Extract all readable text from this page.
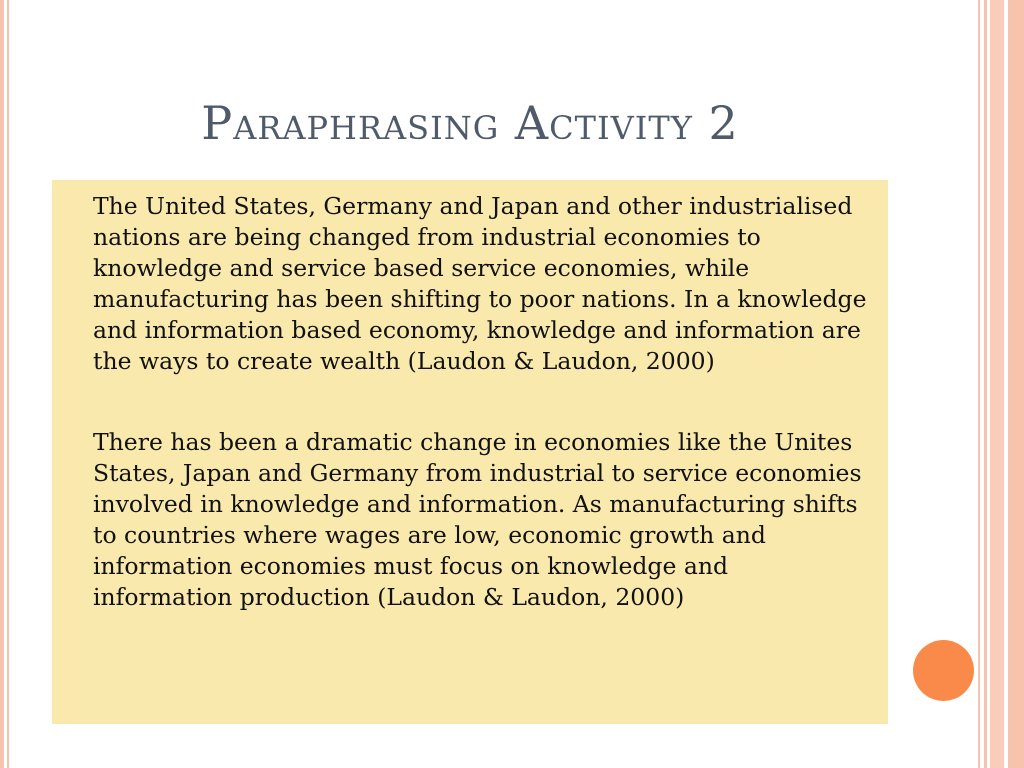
Paraphrasing Activity 2

The United States, Germany and Japan and other industrialised nations are being changed from industrial economies to knowledge and service based service economies, while manufacturing has been shifting to poor nations. In a knowledge and information based economy, knowledge and information are the ways to create wealth (Laudon & Laudon, 2000)

There has been a dramatic change in economies like the Unites States, Japan and Germany from industrial to service economies involved in knowledge and information. As manufacturing shifts to countries where wages are low, economic growth and information economies must focus on knowledge and information production (Laudon & Laudon, 2000)
